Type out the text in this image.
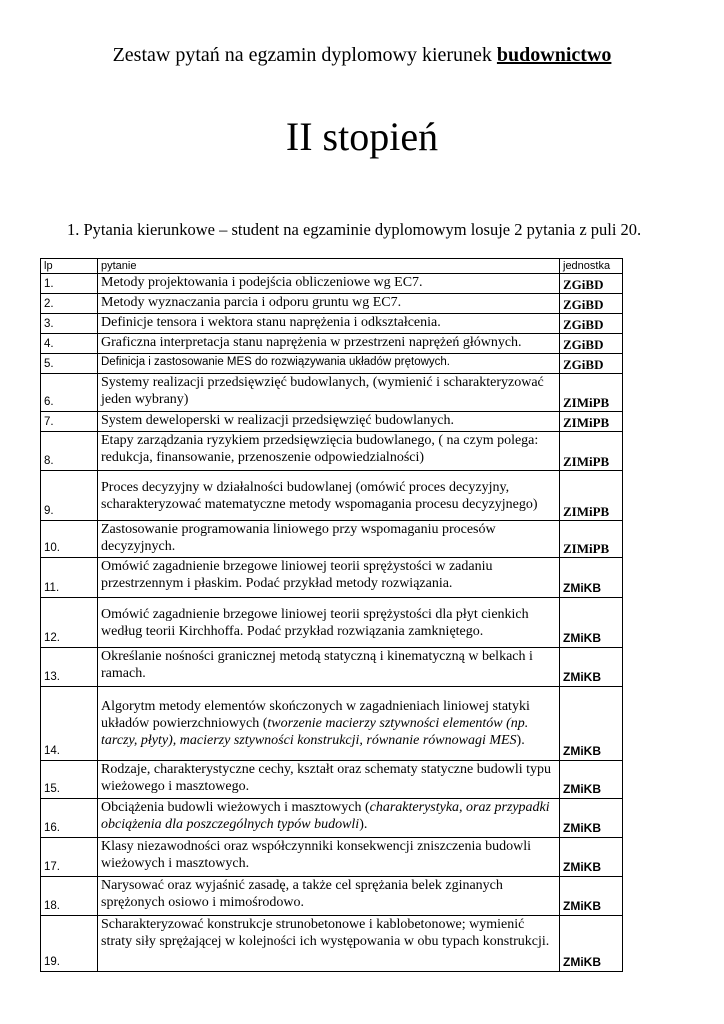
Zestaw pytań na egzamin dyplomowy kierunek budownictwo
II stopień
1. Pytania kierunkowe – student na egzaminie dyplomowym losuje 2 pytania z puli 20.
lp	pytanie	jednostka
1.	Metody projektowania i podejścia obliczeniowe wg EC7.	ZGiBD
2.	Metody wyznaczania parcia i odporu gruntu wg EC7.	ZGiBD
3.	Definicje tensora i wektora stanu naprężenia i odkształcenia.	ZGiBD
4.	Graficzna interpretacja stanu naprężenia w przestrzeni naprężeń głównych.	ZGiBD
5.	Definicja i zastosowanie MES do rozwiązywania układów prętowych.	ZGiBD
6.	Systemy realizacji przedsięwzięć budowlanych, (wymienić i scharakteryzować jeden wybrany)	ZIMiPB
7.	System deweloperski w realizacji przedsięwzięć budowlanych.	ZIMiPB
8.	Etapy zarządzania ryzykiem przedsięwzięcia budowlanego, ( na czym polega: redukcja, finansowanie, przenoszenie odpowiedzialności)	ZIMiPB
9.	Proces decyzyjny w działalności budowlanej (omówić proces decyzyjny, scharakteryzować matematyczne metody wspomagania procesu decyzyjnego)	ZIMiPB
10.	Zastosowanie programowania liniowego przy wspomaganiu procesów decyzyjnych.	ZIMiPB
11.	Omówić zagadnienie brzegowe liniowej teorii sprężystości w zadaniu przestrzennym i płaskim. Podać przykład metody rozwiązania.	ZMiKB
12.	Omówić zagadnienie brzegowe liniowej teorii sprężystości dla płyt cienkich według teorii Kirchhoffa. Podać przykład rozwiązania zamkniętego.	ZMiKB
13.	Określanie nośności granicznej metodą statyczną i kinematyczną w belkach i ramach.	ZMiKB
14.	Algorytm metody elementów skończonych w zagadnieniach liniowej statyki układów powierzchniowych (tworzenie macierzy sztywności elementów (np. tarczy, płyty), macierzy sztywności konstrukcji, równanie równowagi MES).	ZMiKB
15.	Rodzaje, charakterystyczne cechy, kształt oraz schematy statyczne budowli typu wieżowego i masztowego.	ZMiKB
16.	Obciążenia budowli wieżowych i masztowych (charakterystyka, oraz przypadki obciążenia dla poszczególnych typów budowli).	ZMiKB
17.	Klasy niezawodności oraz współczynniki konsekwencji zniszczenia budowli wieżowych i masztowych.	ZMiKB
18.	Narysować oraz wyjaśnić zasadę, a także cel sprężania belek zginanych sprężonych osiowo i mimośrodowo.	ZMiKB
19.	Scharakteryzować konstrukcje strunobetonowe i kablobetonowe; wymienić straty siły sprężającej w kolejności ich występowania w obu typach konstrukcji.	ZMiKB
